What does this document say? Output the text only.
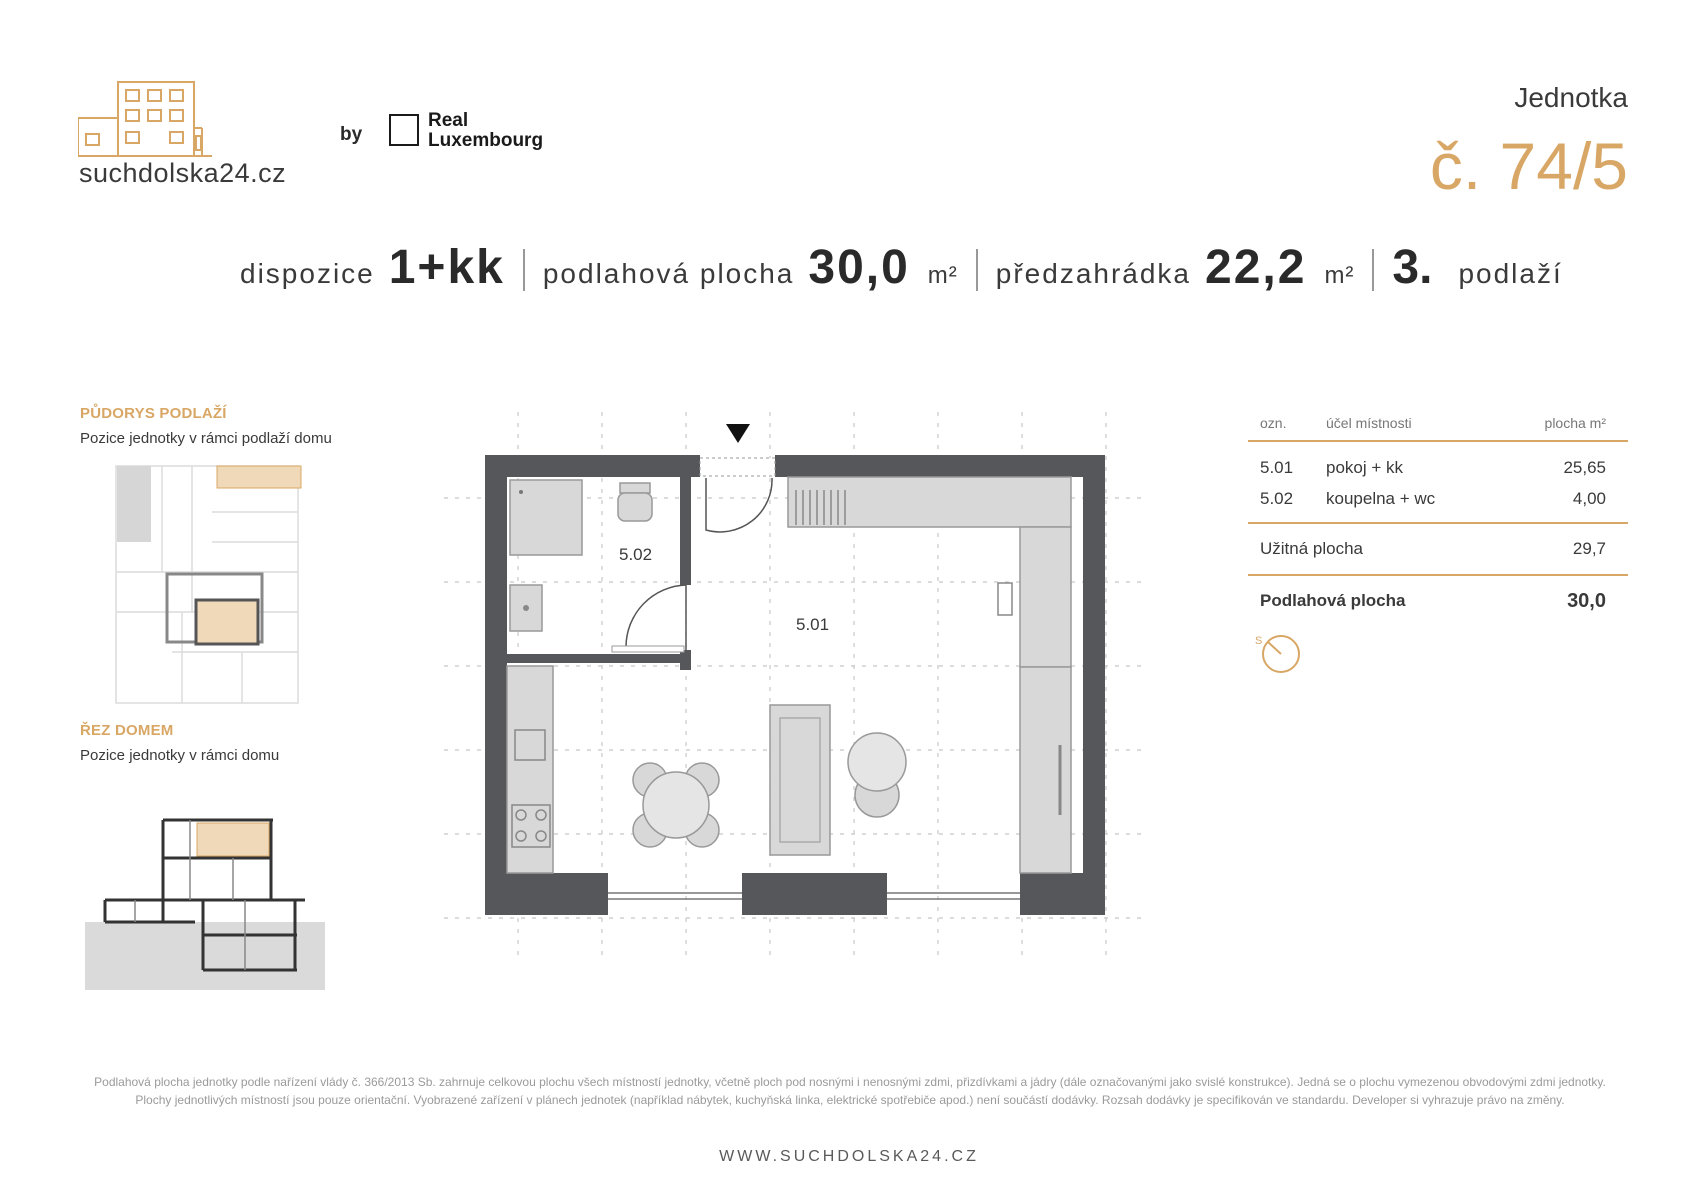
suchdolska24.cz
by
Real
Luxembourg
Jednotka
č. 74/5
dispozice 1+kk podlahová plocha 30,0 m² předzahrádka 22,2 m² 3. podlaží
PŮDORYS PODLAŽÍ
Pozice jednotky v rámci podlaží domu
ŘEZ DOMEM
Pozice jednotky v rámci domu
5.02
5.01
ozn.	účel místnosti	plocha m²
5.01	pokoj + kk	25,65
5.02	koupelna + wc	4,00
Užitná plocha	29,7
Podlahová plocha	30,0
S
Podlahová plocha jednotky podle nařízení vlády č. 366/2013 Sb. zahrnuje celkovou plochu všech místností jednotky, včetně ploch pod nosnými i nenosnými zdmi, přizdívkami a jádry (dále označovanými jako svislé konstrukce). Jedná se o plochu vymezenou obvodovými zdmi jednotky. Plochy jednotlivých místností jsou pouze orientační. Vyobrazené zařízení v plánech jednotek (například nábytek, kuchyňská linka, elektrické spotřebiče apod.) není součástí dodávky. Rozsah dodávky je specifikován ve standardu. Developer si vyhrazuje právo na změny.
WWW.SUCHDOLSKA24.CZ
